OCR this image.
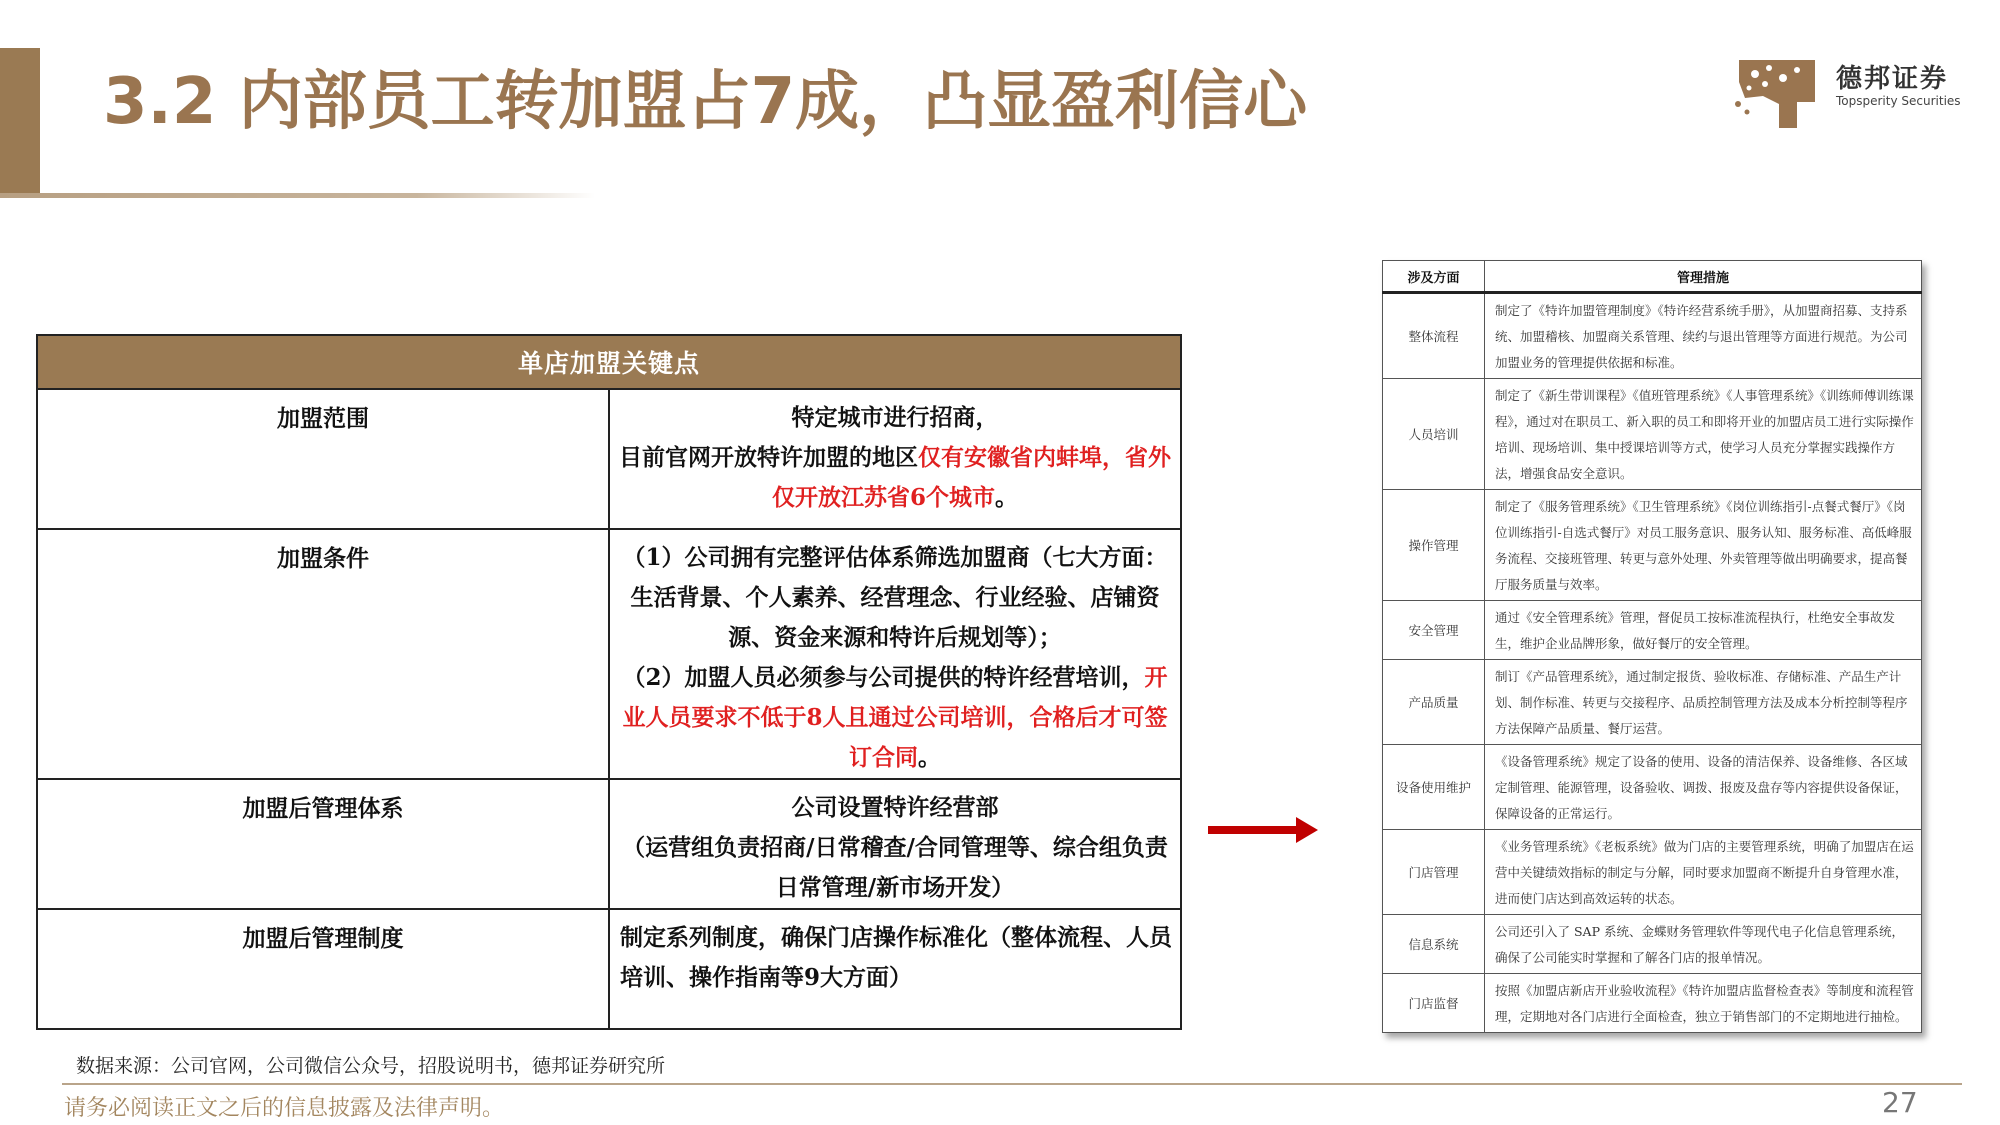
3.2 内部员工转加盟占7成，凸显盈利信心	德邦证券
Topsperity Securities
单店加盟关键点	
加盟范围	特定城市进行招商，
目前官网开放特许加盟的地区仅有安徽省内蚌埠，省外仅开放江苏省6个城市。

加盟条件	（1）公司拥有完整评估体系筛选加盟商（七大方面：生活背景、个人素养、经营理念、行业经验、店铺资源、资金来源和特许后规划等）；
（2）加盟人员必须参与公司提供的特许经营培训，开业人员要求不低于8人且通过公司培训，合格后才可签订合同。

加盟后管理体系	公司设置特许经营部
（运营组负责招商/日常稽查/合同管理等、综合组负责日常管理/新市场开发）

加盟后管理制度	制定系列制度，确保门店操作标准化（整体流程、人员培训、操作指南等9大方面）
涉及方面	管理措施
整体流程	制定了《特许加盟管理制度》《特许经营系统手册》，从加盟商招募、支持系统、加盟稽核、加盟商关系管理、续约与退出管理等方面进行规范。为公司加盟业务的管理提供依据和标准。
人员培训	制定了《新生带训课程》《值班管理系统》《人事管理系统》《训练师傅训练课程》，通过对在职员工、新入职的员工和即将开业的加盟店员工进行实际操作培训、现场培训、集中授课培训等方式，使学习人员充分掌握实践操作方法，增强食品安全意识。
操作管理	制定了《服务管理系统》《卫生管理系统》《岗位训练指引-点餐式餐厅》《岗位训练指引-自选式餐厅》对员工服务意识、服务认知、服务标准、高低峰服务流程、交接班管理、转更与意外处理、外卖管理等做出明确要求，提高餐厅服务质量与效率。
安全管理	通过《安全管理系统》管理，督促员工按标准流程执行，杜绝安全事故发生，维护企业品牌形象，做好餐厅的安全管理。
产品质量	制订《产品管理系统》，通过制定报货、验收标准、存储标准、产品生产计划、制作标准、转更与交接程序、品质控制管理方法及成本分析控制等程序方法保障产品质量、餐厅运营。
设备使用维护	《设备管理系统》规定了设备的使用、设备的清洁保养、设备维修、各区域定制管理、能源管理，设备验收、调拨、报废及盘存等内容提供设备保证，保障设备的正常运行。
门店管理	《业务管理系统》《老板系统》做为门店的主要管理系统，明确了加盟店在运营中关键绩效指标的制定与分解，同时要求加盟商不断提升自身管理水准，进而使门店达到高效运转的状态。
信息系统	公司还引入了 SAP 系统、金蝶财务管理软件等现代电子化信息管理系统，确保了公司能实时掌握和了解各门店的报单情况。
门店监督	按照《加盟店新店开业验收流程》《特许加盟店监督检查表》等制度和流程管理，定期地对各门店进行全面检查，独立于销售部门的不定期地进行抽检。
数据来源：公司官网，公司微信公众号，招股说明书，德邦证券研究所
请务必阅读正文之后的信息披露及法律声明。	27
